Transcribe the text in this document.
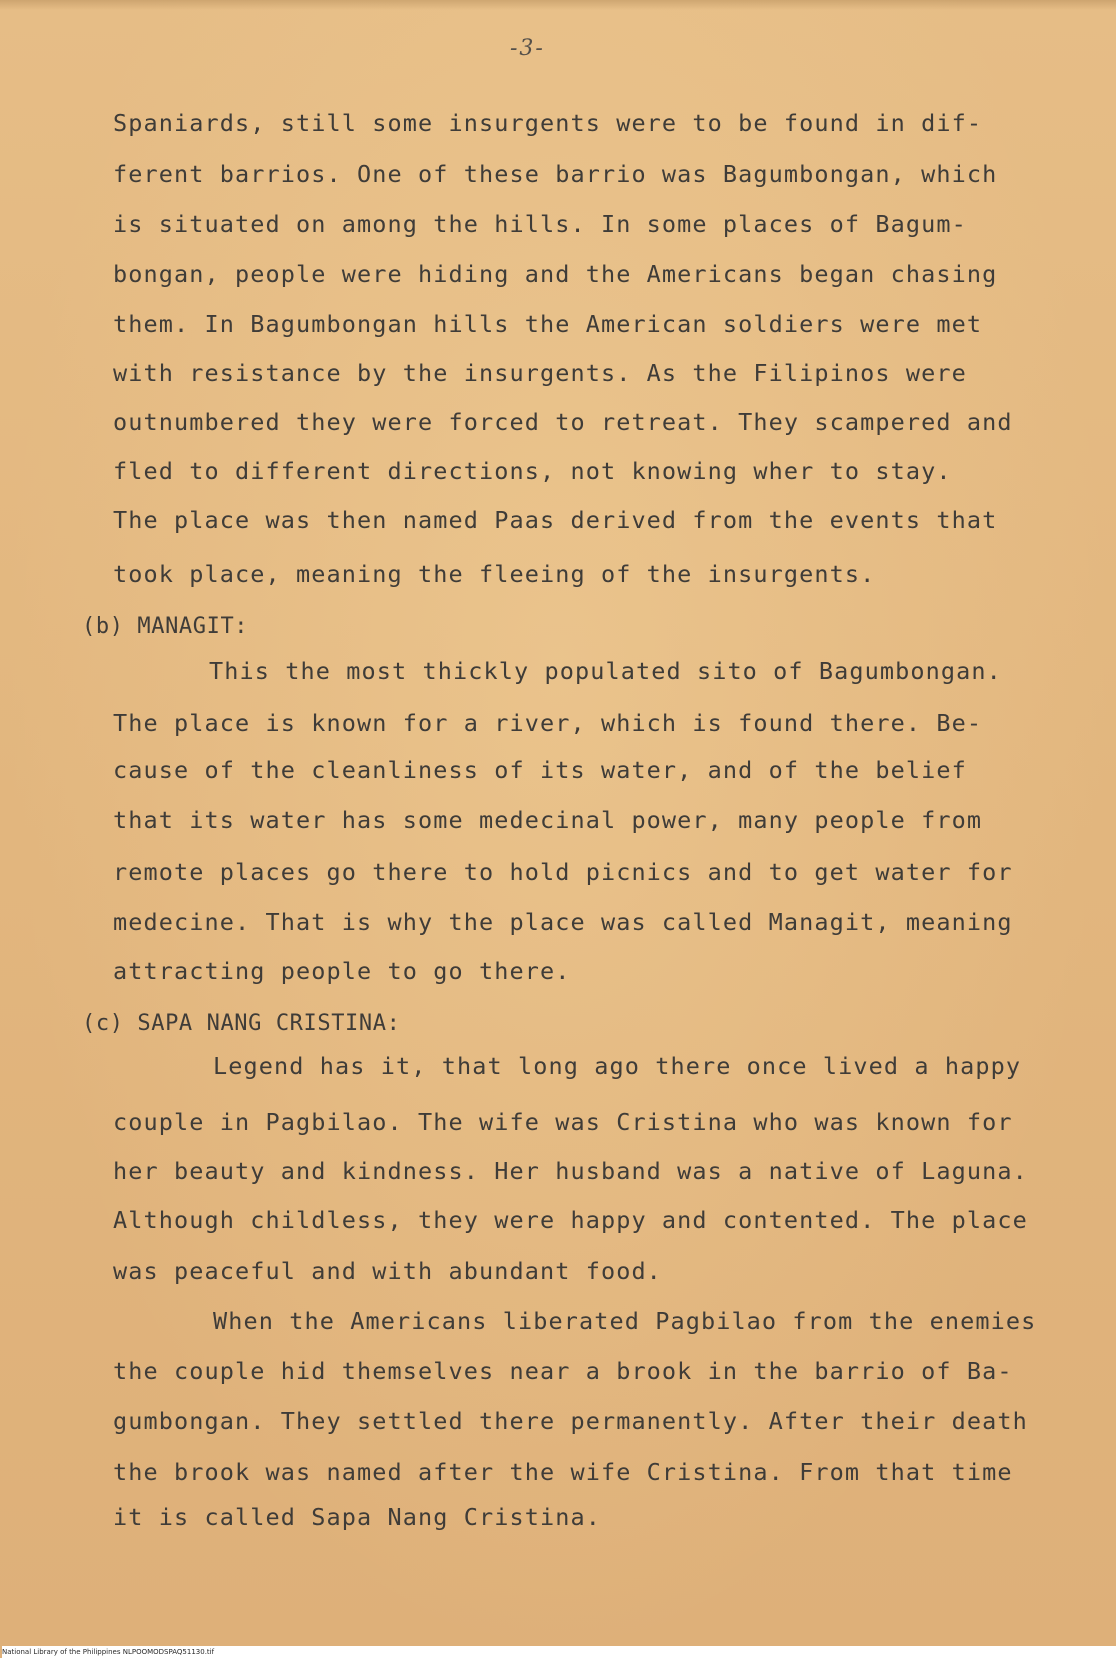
-3-
Spaniards, still some insurgents were to be found in dif-
ferent barrios. One of these barrio was Bagumbongan, which
is situated on among the hills. In some places of Bagum-
bongan, people were hiding and the Americans began chasing
them. In Bagumbongan hills the American soldiers were met
with resistance by the insurgents. As the Filipinos were
outnumbered they were forced to retreat. They scampered and
fled to different directions, not knowing wher to stay.
The place was then named Paas derived from the events that
took place, meaning the fleeing of the insurgents.
(b) MANAGIT:
This the most thickly populated sito of Bagumbongan.
The place is known for a river, which is found there. Be-
cause of the cleanliness of its water, and of the belief
that its water has some medecinal power, many people from
remote places go there to hold picnics and to get water for
medecine. That is why the place was called Managit, meaning
attracting people to go there.
(c) SAPA NANG CRISTINA:
Legend has it, that long ago there once lived a happy
couple in Pagbilao. The wife was Cristina who was known for
her beauty and kindness. Her husband was a native of Laguna.
Although childless, they were happy and contented. The place
was peaceful and with abundant food.
When the Americans liberated Pagbilao from the enemies
the couple hid themselves near a brook in the barrio of Ba-
gumbongan. They settled there permanently. After their death
the brook was named after the wife Cristina. From that time
it is called Sapa Nang Cristina.
National Library of the Philippines NLPOOMODSPAQ51130.tif
